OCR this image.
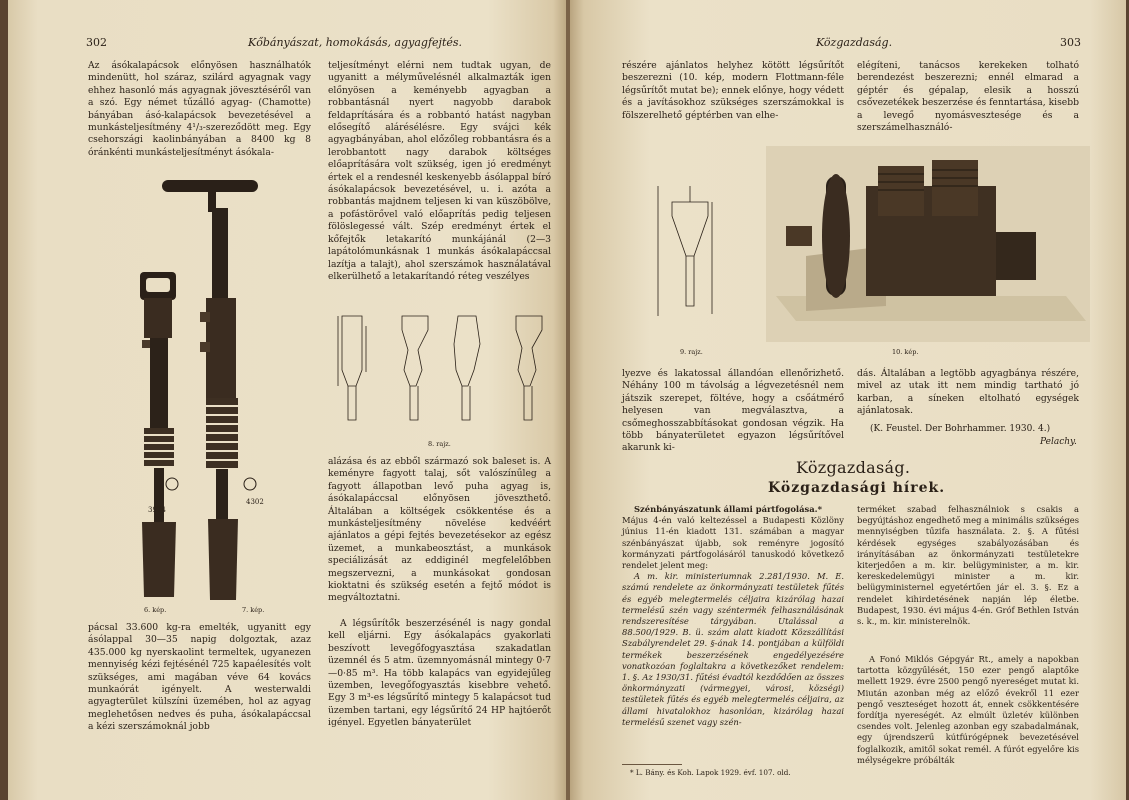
302	Kőbányászat, homokásás, agyagfejtés.

Az ásókalapácsok előnyösen használhatók mindenütt, hol száraz, szilárd agyagnak vagy ehhez hasonló más agyagnak jövesztéséről van a szó. Egy német tűzálló agyag- (Chamotte) bányában ásó-kalapácsok bevezetésével a munkásteljesítmény 4¹/₃-szereződött meg. Egy csehországi kaolinbányában a 8400 kg 8 óránkénti munkásteljesítményt ásókala-

3974
4302
6. kép.	7. kép.

pácsal 33.600 kg-ra emelték, ugyanitt egy ásólappal 30—35 napig dolgoztak, azaz 435.000 kg nyerskaolint termeltek, ugyanezen mennyiség kézi fejtésénél 725 kapaélesítés volt szükséges, ami magában véve 64 kovács munkaórát igényelt. A westerwaldi agyagterület külszíni üzemében, hol az agyag meglehetősen nedves és puha, ásókalapáccsal a kézi szerszámoknál jobb

teljesítményt elérni nem tudtak ugyan, de ugyanitt a mélyművelésnél alkalmazták igen előnyösen a keményebb agyagban a robbantásnál nyert nagyobb darabok feldaprítására és a robbantó hatást nagyban elősegítő alárésélésre. Egy svájci kék agyagbányában, ahol előzőleg robbantásra és a lerobbantott nagy darabok költséges előaprítására volt szükség, igen jó eredményt értek el a rendesnél keskenyebb ásólappal bíró ásókalapácsok bevezetésével, u. i. azóta a robbantás majdnem teljesen ki van küszöbölve, a pofástörővel való előaprítás pedig teljesen fölöslegessé vált. Szép eredményt értek el kőfejtők letakarító munkájánál (2—3 lapátolómunkásnak 1 munkás ásókalapáccsal lazítja a talajt), ahol szerszámok használatával elkerülhető a letakarítandó réteg veszélyes

8. rajz.

alázása és az ebből származó sok baleset is. A keményre fagyott talaj, sőt valószínűleg a fagyott állapotban levő puha agyag is, ásókalapáccsal előnyösen jöveszthető. Általában a költségek csökkentése és a munkásteljesítmény növelése kedvéért ajánlatos a gépi fejtés bevezetésekor az egész üzemet, a munkabeosztást, a munkások speciálizását az eddiginél megfelelőbben megszervezni, a munkásokat gondosan kioktatni és szükség esetén a fejtő módot is megváltoztatni.

A légsűrítők beszerzésénél is nagy gondal kell eljárni. Egy ásókalapács gyakorlati beszívott levegőfogyasztása szakadatlan üzemnél és 5 atm. üzemnyomásnál mintegy 0·7—0·85 m³. Ha több kalapács van egyidejűleg üzemben, levegőfogyasztás kisebbre vehető. Egy 3 m³-es légsűrítő mintegy 5 kalapácsot tud üzemben tartani, egy légsűrítő 24 HP hajtóerőt igényel. Egyetlen bányaterület

Közgazdaság.	303

részére ajánlatos helyhez kötött légsűrítőt beszerezni (10. kép, modern Flottmann-féle légsűrítőt mutat be); ennek előnye, hogy védett és a javításokhoz szükséges szerszámokkal is fölszerelhető géptérben van elhe-

elégíteni, tanácsos kerekeken tolható berendezést beszerezni; ennél elmarad a géptér és gépalap, elesik a hosszú csővezetékek beszerzése és fenntartása, kisebb a levegő nyomásvesztesége és a szerszámelhasználó-

9. rajz.	10. kép.

lyezve és lakatossal állandóan ellenőrizhető. Néhány 100 m távolság a légvezetésnél nem játszik szerepet, föltéve, hogy a csőátmérő helyesen van megválasztva, a csőmeghosszabbításokat gondosan végzik. Ha több bányaterületet egyazon légsűrítővel akarunk ki-

dás. Általában a legtöbb agyagbánya részére, mivel az utak itt nem mindig tartható jó karban, a síneken eltolható egységek ajánlatosak.

(K. Feustel. Der Bohrhammer. 1930. 4.)
Pelachy.
Közgazdaság.
Közgazdasági hírek.

Szénbányászatunk állami pártfogolása.*

Május 4-én való keltezéssel a Budapesti Közlöny június 11-én kiadott 131. számában a magyar szénbányászat újabb, sok reményre jogosító kormányzati pártfogolásáról tanuskodó következő rendelet jelent meg:

A m. kir. ministeriumnak 2.281/1930. M. E. számú rendelete az önkormányzati testületek fűtés és egyéb melegtermelés céljaira kizárólag hazai termelésű szén vagy széntermék felhasználásának rendszeresítése tárgyában. Utalással a 88.500/1929. B. ü. szám alatt kiadott Közszállítási Szabályrendelet 29. §-ának 14. pontjában a külföldi termékek beszerzésének engedélyezésére vonatkozóan foglaltakra a következőket rendelem: 1. §. Az 1930/31. fűtési évadtól kezdődően az összes önkormányzati (vármegyei, városi, községi) testületek fűtés és egyéb melegtermelés céljaira, az állami hivatalokhoz hasonlóan, kizárólag hazai termelésű szenet vagy szén-

* L. Bány. és Koh. Lapok 1929. évf. 107. old.

terméket szabad felhasználniok s csakis a begyújtáshoz engedhető meg a minimális szükséges mennyiségben tűzifa használata. 2. §. A fűtési kérdések egységes szabályozásában és irányításában az önkormányzati testületekre kiterjedően a m. kir. belügyminister, a m. kir. kereskedelemügyi minister a m. kir. belügyministernel egyetértően jár el. 3. §. Ez a rendelet kihirdetésének napján lép életbe. Budapest, 1930. évi május 4-én. Gróf Bethlen István s. k., m. kir. ministerelnök.

A Fonó Miklós Gépgyár Rt., amely a napokban tartotta közgyűlését, 150 ezer pengő alaptőke mellett 1929. évre 2500 pengő nyereséget mutat ki. Miután azonban még az előző évekről 11 ezer pengő veszteséget hozott át, ennek csökkentésére fordítja nyereségét. Az elmúlt üzletév különben csendes volt. Jelenleg azonban egy szabadalmának, egy újrendszerű kútfúrógépnek bevezetésével foglalkozik, amitől sokat remél. A fúrót egyelőre kis mélységekre próbálták
